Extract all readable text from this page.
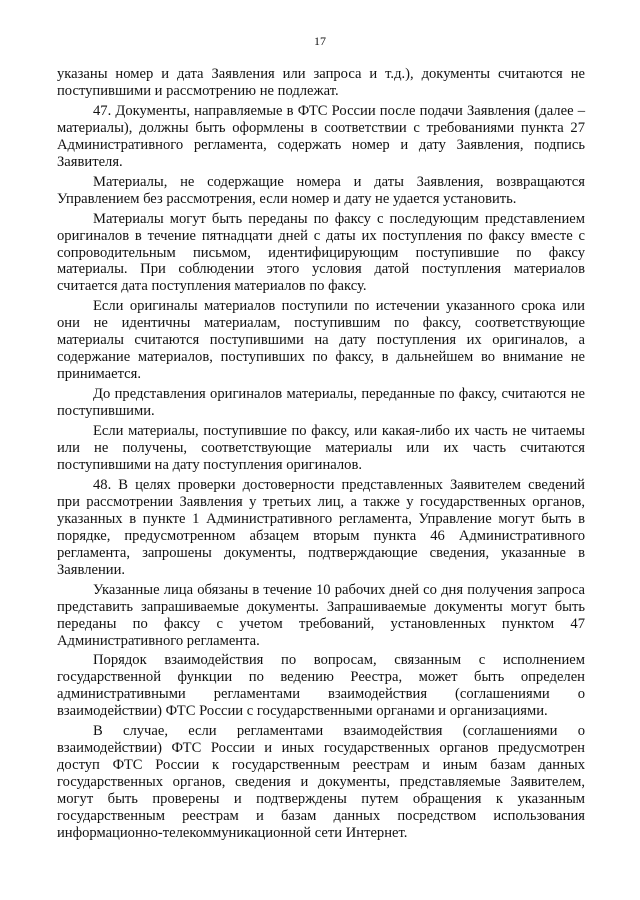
17

указаны номер и дата Заявления или запроса и т.д.), документы считаются не поступившими и рассмотрению не подлежат.

47. Документы, направляемые в ФТС России после подачи Заявления (далее – материалы), должны быть оформлены в соответствии с требованиями пункта 27 Административного регламента, содержать номер и дату Заявления, подпись Заявителя.

Материалы, не содержащие номера и даты Заявления, возвращаются Управлением без рассмотрения, если номер и дату не удается установить.

Материалы могут быть переданы по факсу с последующим представлением оригиналов в течение пятнадцати дней с даты их поступления по факсу вместе с сопроводительным письмом, идентифицирующим поступившие по факсу материалы. При соблюдении этого условия датой поступления материалов считается дата поступления материалов по факсу.

Если оригиналы материалов поступили по истечении указанного срока или они не идентичны материалам, поступившим по факсу, соответствующие материалы считаются поступившими на дату поступления их оригиналов, а содержание материалов, поступивших по факсу, в дальнейшем во внимание не принимается.

До представления оригиналов материалы, переданные по факсу, считаются не поступившими.

Если материалы, поступившие по факсу, или какая-либо их часть не читаемы или не получены, соответствующие материалы или их часть считаются поступившими на дату поступления оригиналов.

48. В целях проверки достоверности представленных Заявителем сведений при рассмотрении Заявления у третьих лиц, а также у государственных органов, указанных в пункте 1 Административного регламента, Управление могут быть в порядке, предусмотренном абзацем вторым пункта 46 Административного регламента, запрошены документы, подтверждающие сведения, указанные в Заявлении.

Указанные лица обязаны в течение 10 рабочих дней со дня получения запроса представить запрашиваемые документы. Запрашиваемые документы могут быть переданы по факсу с учетом требований, установленных пунктом 47 Административного регламента.

Порядок взаимодействия по вопросам, связанным с исполнением государственной функции по ведению Реестра, может быть определен административными регламентами взаимодействия (соглашениями о взаимодействии) ФТС России с государственными органами и организациями.

В случае, если регламентами взаимодействия (соглашениями о взаимодействии) ФТС России и иных государственных органов предусмотрен доступ ФТС России к государственным реестрам и иным базам данных государственных органов, сведения и документы, представляемые Заявителем, могут быть проверены и подтверждены путем обращения к указанным государственным реестрам и базам данных посредством использования информационно-телекоммуникационной сети Интернет.
